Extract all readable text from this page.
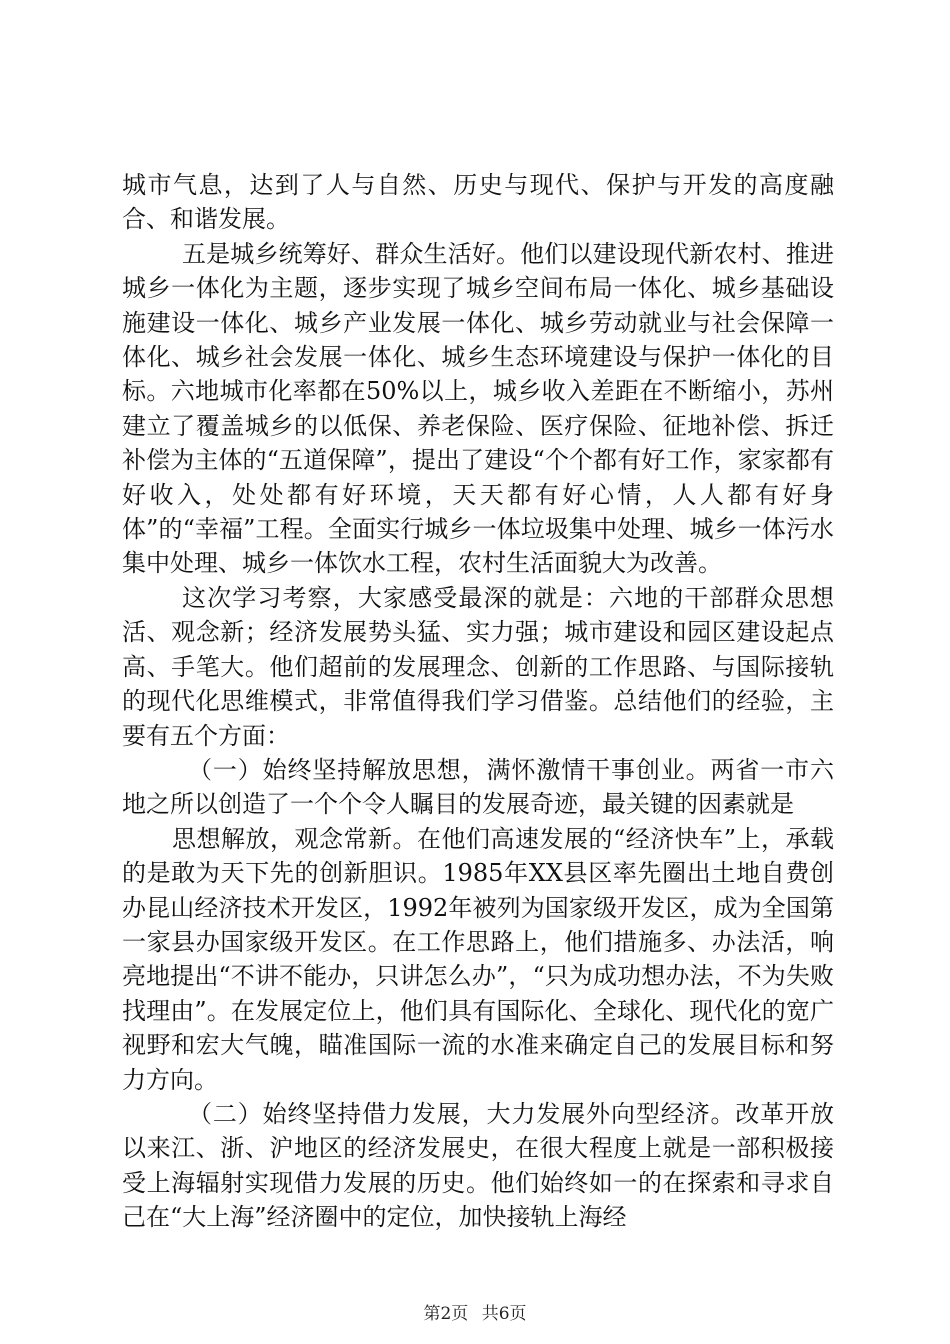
城市气息，达到了人与自然、历史与现代、保护与开发的高度融合、和谐发展。

五是城乡统筹好、群众生活好。他们以建设现代新农村、推进城乡一体化为主题，逐步实现了城乡空间布局一体化、城乡基础设施建设一体化、城乡产业发展一体化、城乡劳动就业与社会保障一体化、城乡社会发展一体化、城乡生态环境建设与保护一体化的目标。六地城市化率都在50%以上，城乡收入差距在不断缩小，苏州建立了覆盖城乡的以低保、养老保险、医疗保险、征地补偿、拆迁补偿为主体的“五道保障”，提出了建设“个个都有好工作，家家都有好收入，处处都有好环境，天天都有好心情，人人都有好身体”的“幸福”工程。全面实行城乡一体垃圾集中处理、城乡一体污水集中处理、城乡一体饮水工程，农村生活面貌大为改善。

这次学习考察，大家感受最深的就是：六地的干部群众思想活、观念新；经济发展势头猛、实力强；城市建设和园区建设起点高、手笔大。他们超前的发展理念、创新的工作思路、与国际接轨的现代化思维模式，非常值得我们学习借鉴。总结他们的经验，主要有五个方面：

（一）始终坚持解放思想，满怀激情干事创业。两省一市六地之所以创造了一个个令人瞩目的发展奇迹，最关键的因素就是

思想解放，观念常新。在他们高速发展的“经济快车”上，承载的是敢为天下先的创新胆识。1985年XX县区率先圈出土地自费创办昆山经济技术开发区，1992年被列为国家级开发区，成为全国第一家县办国家级开发区。在工作思路上，他们措施多、办法活，响亮地提出“不讲不能办，只讲怎么办”，“只为成功想办法，不为失败找理由”。在发展定位上，他们具有国际化、全球化、现代化的宽广视野和宏大气魄，瞄准国际一流的水准来确定自己的发展目标和努力方向。

（二）始终坚持借力发展，大力发展外向型经济。改革开放以来江、浙、沪地区的经济发展史，在很大程度上就是一部积极接受上海辐射实现借力发展的历史。他们始终如一的在探索和寻求自己在“大上海”经济圈中的定位，加快接轨上海经

第2页 共6页
